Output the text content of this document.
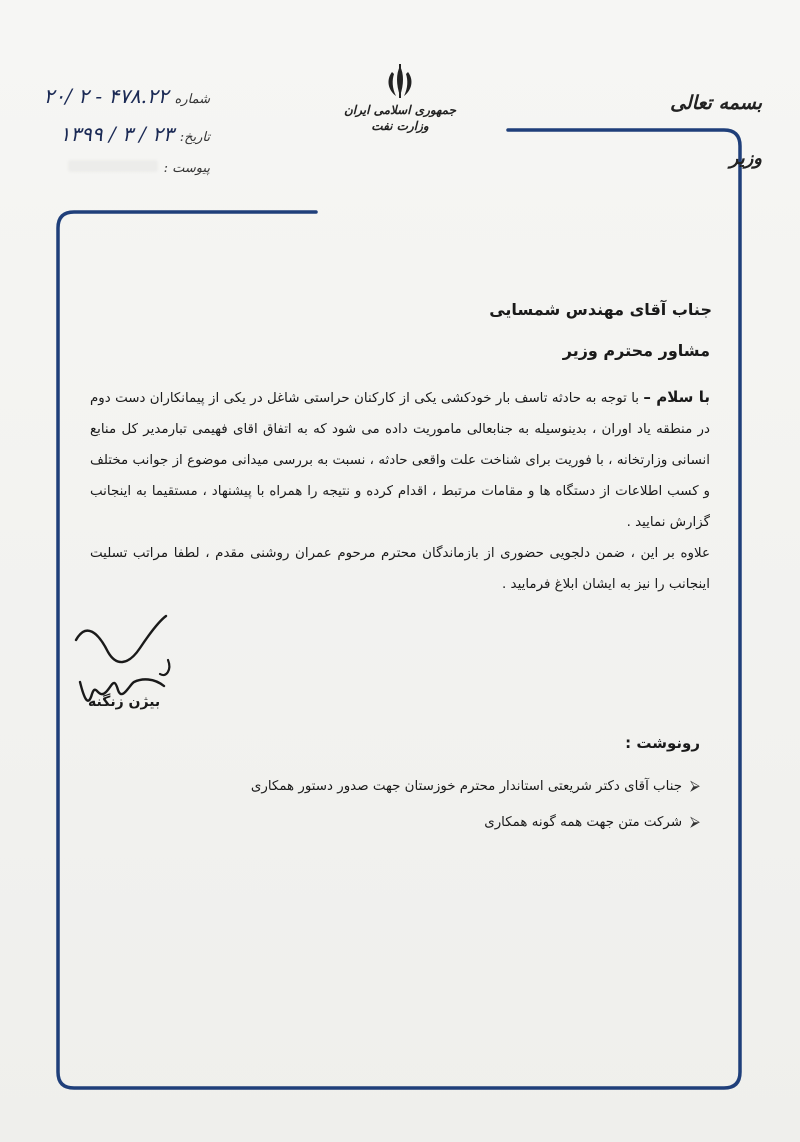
بسمه تعالی
وزیر
جمهوری اسلامی ایران
وزارت نفت
شماره
۲۰/ ۲ - ۴۷۸.۲۲
تاریخ:
۱۳۹۹ / ۳ / ۲۳
پیوست :
جناب آقای مهندس شمسایی
مشاور محترم وزیر
با سلام – با توجه به حادثه تاسف بار خودکشی یکی از کارکنان حراستی شاغل در یکی از پیمانکاران دست دوم در منطقه یاد اوران ، بدینوسیله به جنابعالی ماموریت داده می شود که به اتفاق اقای فهیمی تبارمدیر کل منابع انسانی وزارتخانه ، با فوریت برای شناخت علت واقعی حادثه ، نسبت به بررسی میدانی موضوع از جوانب مختلف و کسب اطلاعات از دستگاه ها و مقامات مرتبط ، اقدام کرده و نتیجه را همراه با پیشنهاد ، مستقیما به اینجانب گزارش نمایید .
علاوه بر این ، ضمن دلجویی حضوری از بازماندگان محترم مرحوم عمران روشنی مقدم ، لطفا مراتب تسلیت اینجانب را نیز به ایشان ابلاغ فرمایید .
بیژن زنگنه
رونوشت :
⮚
جناب آقای دکتر شریعتی استاندار محترم خوزستان جهت صدور دستور همکاری
⮚
شرکت متن جهت همه گونه همکاری
